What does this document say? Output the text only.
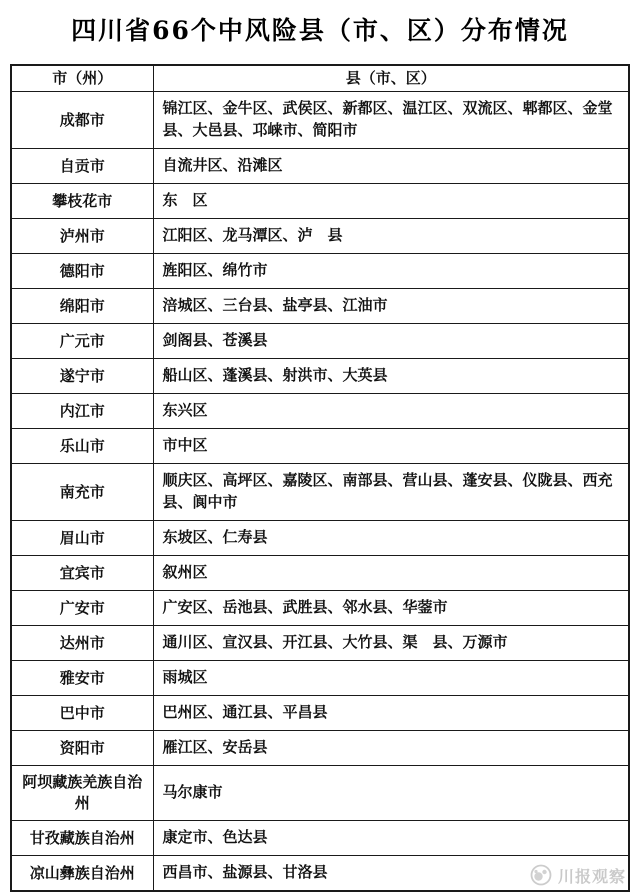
四川省66个中风险县（市、区）分布情况
市（州）	县（市、区）
成都市	锦江区、金牛区、武侯区、新都区、温江区、双流区、郫都区、金堂县、大邑县、邛崃市、简阳市
自贡市	自流井区、沿滩区
攀枝花市	东　区
泸州市	江阳区、龙马潭区、泸　县
德阳市	旌阳区、绵竹市
绵阳市	涪城区、三台县、盐亭县、江油市
广元市	剑阁县、苍溪县
遂宁市	船山区、蓬溪县、射洪市、大英县
内江市	东兴区
乐山市	市中区
南充市	顺庆区、高坪区、嘉陵区、南部县、营山县、蓬安县、仪陇县、西充县、阆中市
眉山市	东坡区、仁寿县
宜宾市	叙州区
广安市	广安区、岳池县、武胜县、邻水县、华蓥市
达州市	通川区、宣汉县、开江县、大竹县、渠　县、万源市
雅安市	雨城区
巴中市	巴州区、通江县、平昌县
资阳市	雁江区、安岳县
阿坝藏族羌族自治州	马尔康市
甘孜藏族自治州	康定市、色达县
凉山彝族自治州	西昌市、盐源县、甘洛县	川报观察
